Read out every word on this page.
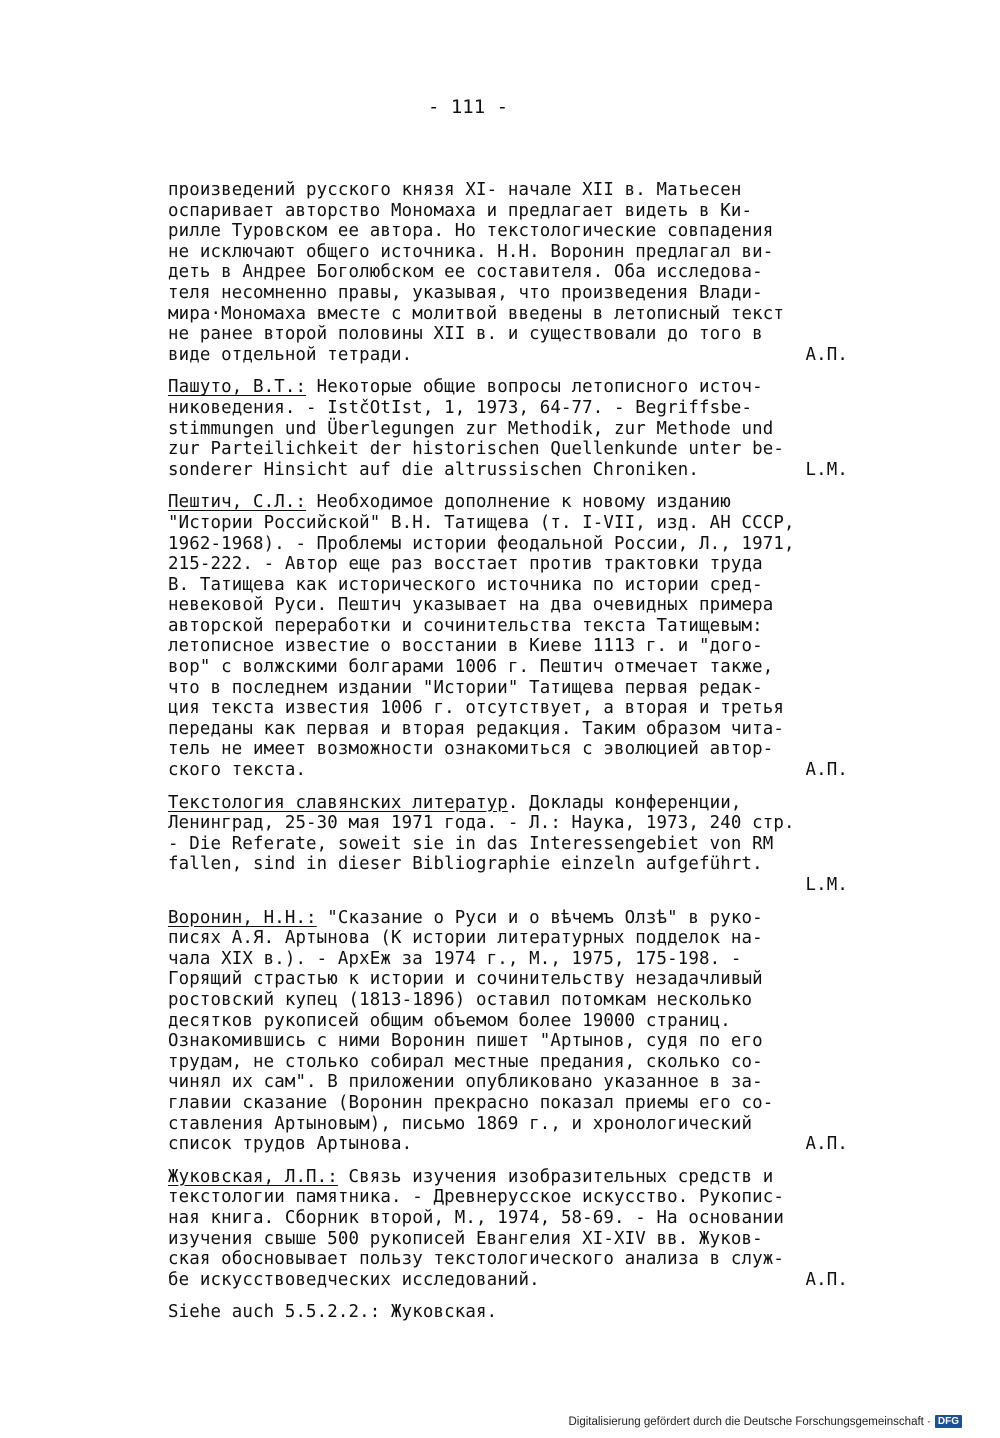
- 111 -
произведений русского князя XI- начале XII в. Матьесен
оспаривает авторство Мономаха и предлагает видеть в Ки-
рилле Туровском ее автора. Но текстологические совпадения
не исключают общего источника. Н.Н. Воронин предлагал ви-
деть в Андрее Боголюбском ее составителя. Оба исследова-
теля несомненно правы, указывая, что произведения Влади-
мира·Мономаха вместе с молитвой введены в летописный текст
не ранее второй половины XII в. и существовали до того в
виде отдельной тетради.	А.П.
Пашуто, В.Т.: Некоторые общие вопросы летописного источ-
никоведения. - IstčOtIst, 1, 1973, 64-77. - Begriffsbe-
stimmungen und Überlegungen zur Methodik, zur Methode und
zur Parteilichkeit der historischen Quellenkunde unter be-
sonderer Hinsicht auf die altrussischen Chroniken.	L.M.
Пештич, С.Л.: Необходимое дополнение к новому изданию
"Истории Российской" В.Н. Татищева (т. I-VII, изд. АН СССР,
1962-1968). - Проблемы истории феодальной России, Л., 1971,
215-222. - Автор еще раз восстает против трактовки труда
В. Татищева как исторического источника по истории сред-
невековой Руси. Пештич указывает на два очевидных примера
авторской переработки и сочинительства текста Татищевым:
летописное известие о восстании в Киеве 1113 г. и "дого-
вор" с волжскими болгарами 1006 г. Пештич отмечает также,
что в последнем издании "Истории" Татищева первая редак-
ция текста известия 1006 г. отсутствует, а вторая и третья
переданы как первая и вторая редакция. Таким образом чита-
тель не имеет возможности ознакомиться с эволюцией автор-
ского текста.	А.П.
Текстология славянских литератур. Доклады конференции,
Ленинград, 25-30 мая 1971 года. - Л.: Наука, 1973, 240 стр.
- Die Referate, soweit sie in das Interessengebiet von RM
fallen, sind in dieser Bibliographie einzeln aufgeführt.
L.M.
Воронин, Н.Н.: "Сказание о Руси и о вѣчемъ Олзѣ" в руко-
писях А.Я. Артынова (К истории литературных подделок на-
чала XIX в.). - АрхЕж за 1974 г., М., 1975, 175-198. -
Горящий страстью к истории и сочинительству незадачливый
ростовский купец (1813-1896) оставил потомкам несколько
десятков рукописей общим объемом более 19000 страниц.
Ознакомившись с ними Воронин пишет "Артынов, судя по его
трудам, не столько собирал местные предания, сколько со-
чинял их сам". В приложении опубликовано указанное в за-
главии сказание (Воронин прекрасно показал приемы его со-
ставления Артыновым), письмо 1869 г., и хронологический
список трудов Артынова.	А.П.
Жуковская, Л.П.: Связь изучения изобразительных средств и
текстологии памятника. - Древнерусское искусство. Рукопис-
ная книга. Сборник второй, М., 1974, 58-69. - На основании
изучения свыше 500 рукописей Евангелия XI-XIV вв. Жуков-
ская обосновывает пользу текстологического анализа в служ-
бе искусствоведческих исследований.	А.П.
Siehe auch 5.5.2.2.: Жуковская.
Digitalisierung gefördert durch die Deutsche Forschungsgemeinschaft · DFG
